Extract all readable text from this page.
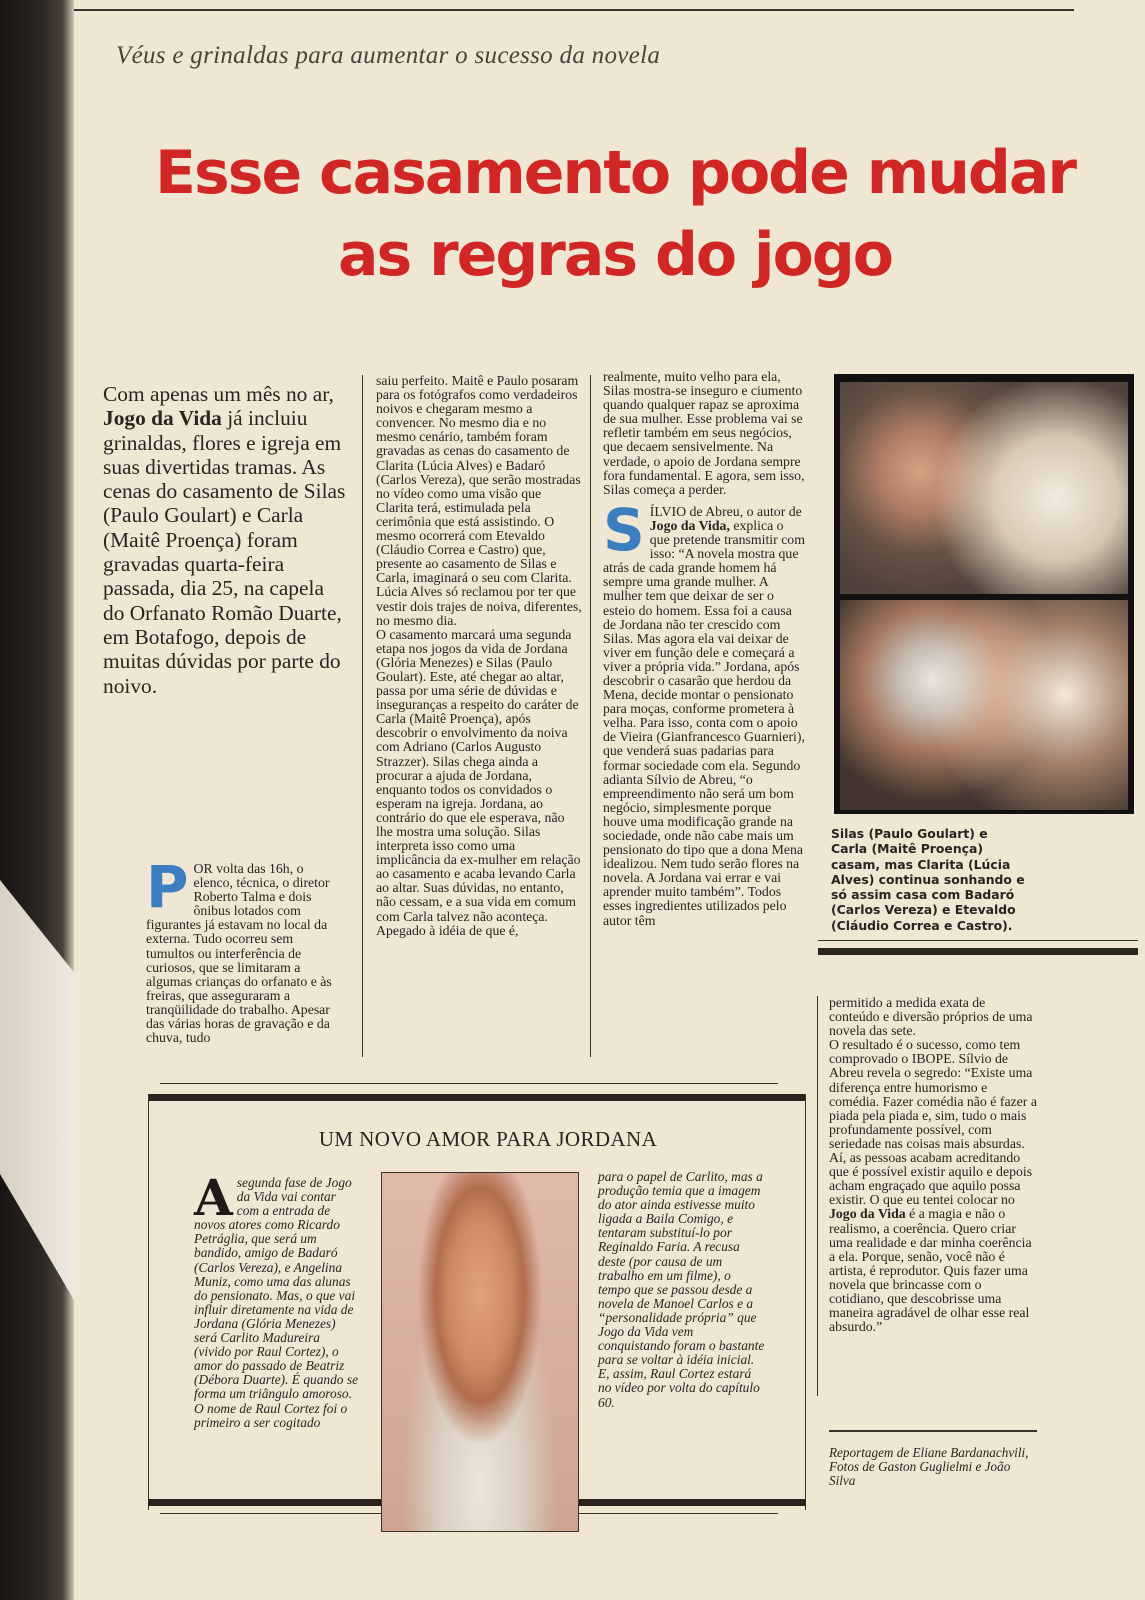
Véus e grinaldas para aumentar o sucesso da novela
Esse casamento pode mudar
as regras do jogo
Com apenas um mês no ar, Jogo da Vida já incluiu grinaldas, flores e igreja em suas divertidas tramas. As cenas do casamento de Silas (Paulo Goulart) e Carla (Maitê Proença) foram gravadas quarta-feira passada, dia 25, na capela do Orfanato Romão Duarte, em Botafogo, depois de muitas dúvidas por parte do noivo.
P OR volta das 16h, o elenco, técnica, o diretor Roberto Talma e dois ônibus lotados com figurantes já estavam no local da externa. Tudo ocorreu sem tumultos ou interferência de curiosos, que se limitaram a algumas crianças do orfanato e às freiras, que asseguraram a tranqüilidade do trabalho. Apesar das várias horas de gravação e da chuva, tudo

saiu perfeito. Maitê e Paulo posaram para os fotógrafos como verdadeiros noivos e chegaram mesmo a convencer. No mesmo dia e no mesmo cenário, também foram gravadas as cenas do casamento de Clarita (Lúcia Alves) e Badaró (Carlos Vereza), que serão mostradas no vídeo como uma visão que Clarita terá, estimulada pela cerimônia que está assistindo. O mesmo ocorrerá com Etevaldo (Cláudio Correa e Castro) que, presente ao casamento de Silas e Carla, imaginará o seu com Clarita. Lúcia Alves só reclamou por ter que vestir dois trajes de noiva, diferentes, no mesmo dia.

O casamento marcará uma segunda etapa nos jogos da vida de Jordana (Glória Menezes) e Silas (Paulo Goulart). Este, até chegar ao altar, passa por uma série de dúvidas e inseguranças a respeito do caráter de Carla (Maitê Proença), após descobrir o envolvimento da noiva com Adriano (Carlos Augusto Strazzer). Silas chega ainda a procurar a ajuda de Jordana, enquanto todos os convidados o esperam na igreja. Jordana, ao contrário do que ele esperava, não lhe mostra uma solução. Silas interpreta isso como uma implicância da ex-mulher em relação ao casamento e acaba levando Carla ao altar. Suas dúvidas, no entanto, não cessam, e a sua vida em comum com Carla talvez não aconteça. Apegado à idéia de que é,

realmente, muito velho para ela, Silas mostra-se inseguro e ciumento quando qualquer rapaz se aproxima de sua mulher. Esse problema vai se refletir também em seus negócios, que decaem sensivelmente. Na verdade, o apoio de Jordana sempre fora fundamental. E agora, sem isso, Silas começa a perder.

SÍLVIO de Abreu, o autor de Jogo da Vida, explica o que pretende transmitir com isso: “A novela mostra que atrás de cada grande homem há sempre uma grande mulher. A mulher tem que deixar de ser o esteio do homem. Essa foi a causa de Jordana não ter crescido com Silas. Mas agora ela vai deixar de viver em função dele e começará a viver a própria vida.” Jordana, após descobrir o casarão que herdou da Mena, decide montar o pensionato para moças, conforme prometera à velha. Para isso, conta com o apoio de Vieira (Gianfrancesco Guarnieri), que venderá suas padarias para formar sociedade com ela. Segundo adianta Sílvio de Abreu, “o empreendimento não será um bom negócio, simplesmente porque houve uma modificação grande na sociedade, onde não cabe mais um pensionato do tipo que a dona Mena idealizou. Nem tudo serão flores na novela. A Jordana vai errar e vai aprender muito também”. Todos esses ingredientes utilizados pelo autor têm

Silas (Paulo Goulart) e Carla (Maitê Proença) casam, mas Clarita (Lúcia Alves) continua sonhando e só assim casa com Badaró (Carlos Vereza) e Etevaldo (Cláudio Correa e Castro).

permitido a medida exata de conteúdo e diversão próprios de uma novela das sete.

O resultado é o sucesso, como tem comprovado o IBOPE. Sílvio de Abreu revela o segredo: “Existe uma diferença entre humorismo e comédia. Fazer comédia não é fazer a piada pela piada e, sim, tudo o mais profundamente possível, com seriedade nas coisas mais absurdas. Aí, as pessoas acabam acreditando que é possível existir aquilo e depois acham engraçado que aquilo possa existir. O que eu tentei colocar no Jogo da Vida é a magia e não o realismo, a coerência. Quero criar uma realidade e dar minha coerência a ela. Porque, senão, você não é artista, é reprodutor. Quis fazer uma novela que brincasse com o cotidiano, que descobrisse uma maneira agradável de olhar esse real absurdo.”

UM NOVO AMOR PARA JORDANA

A segunda fase de Jogo da Vida vai contar com a entrada de novos atores como Ricardo Petráglia, que será um bandido, amigo de Badaró (Carlos Vereza), e Angelina Muniz, como uma das alunas do pensionato. Mas, o que vai influir diretamente na vida de Jordana (Glória Menezes) será Carlito Madureira (vivido por Raul Cortez), o amor do passado de Beatriz (Débora Duarte). É quando se forma um triângulo amoroso.

O nome de Raul Cortez foi o primeiro a ser cogitado

para o papel de Carlito, mas a produção temia que a imagem do ator ainda estivesse muito ligada a Baila Comigo, e tentaram substituí-lo por Reginaldo Faria. A recusa deste (por causa de um trabalho em um filme), o tempo que se passou desde a novela de Manoel Carlos e a “personalidade própria” que Jogo da Vida vem conquistando foram o bastante para se voltar à idéia inicial. E, assim, Raul Cortez estará no vídeo por volta do capítulo 60.

Reportagem de Eliane Bardanachvili, Fotos de Gaston Guglielmi e João Silva
